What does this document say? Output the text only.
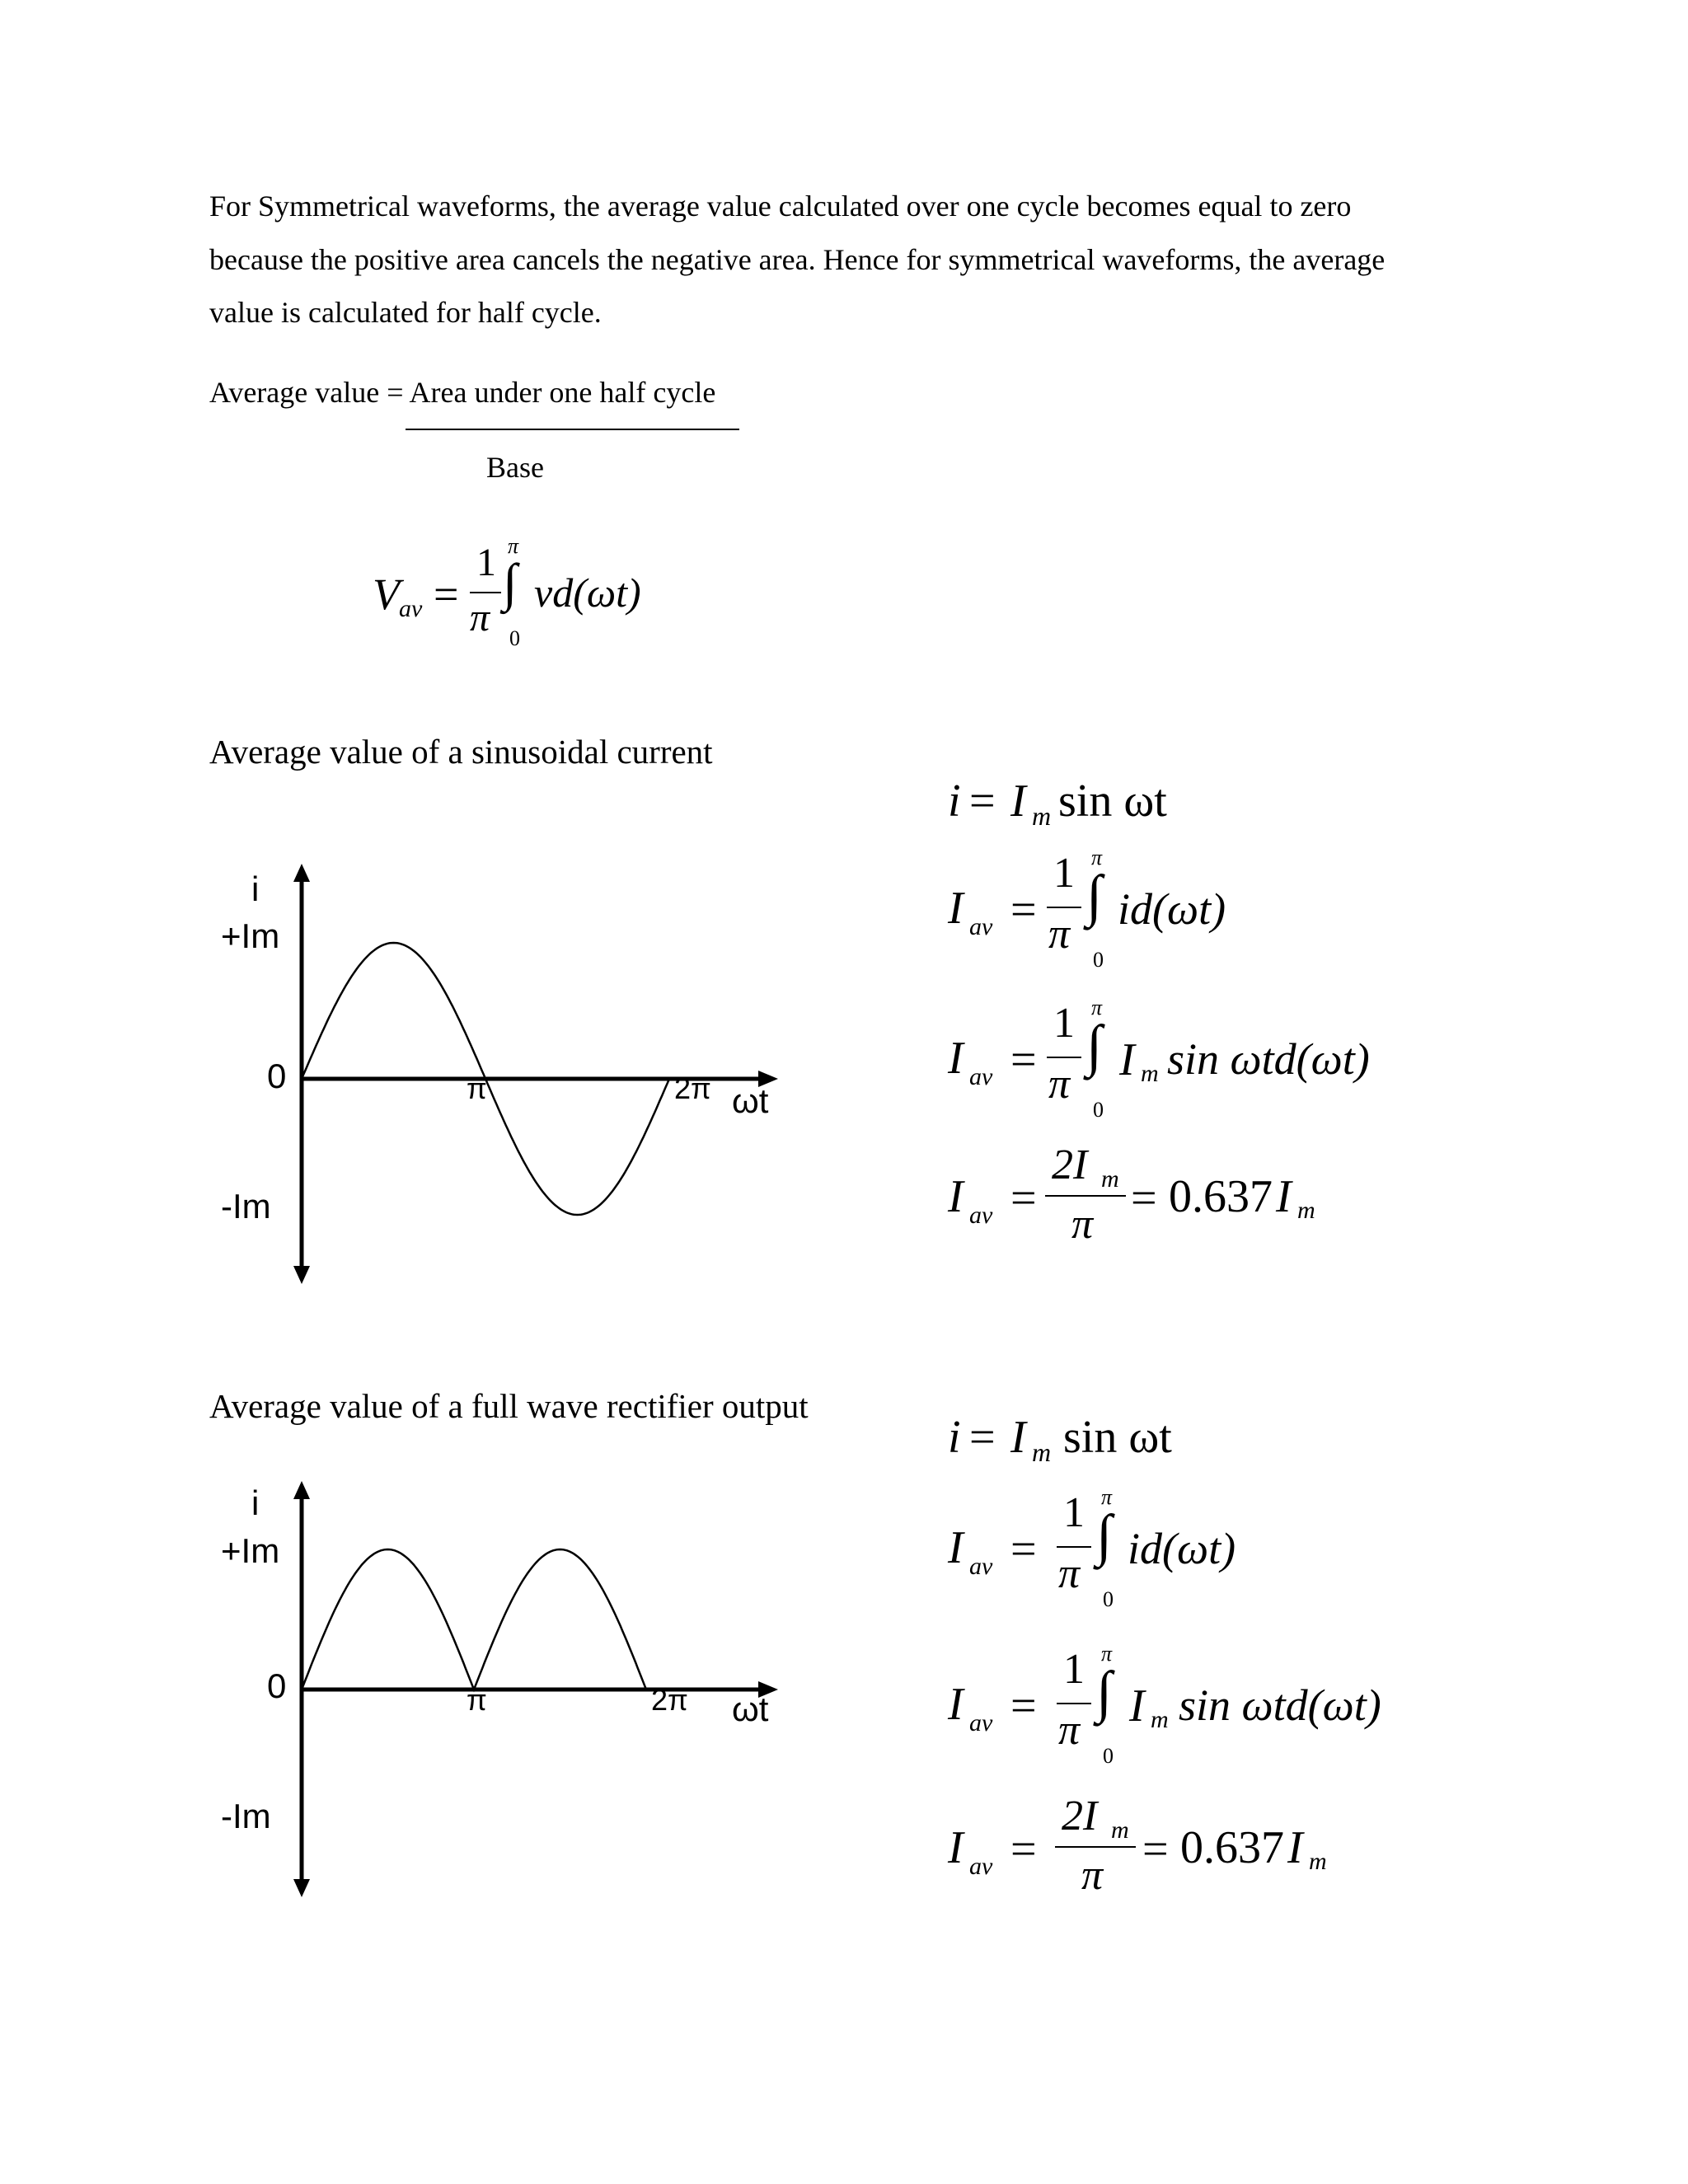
For Symmetrical waveforms, the average value calculated over one cycle becomes equal to zero
because the positive area cancels the negative area. Hence for symmetrical waveforms, the average
value is calculated for half cycle.
Average value = Area under one half cycle
Base
V av =
1
π
π
∫
0
vd(ωt)
Average value of a sinusoidal current
i
+Im
0
-Im
π	2π ωt
i = I m sin ωt
I av =
1
π
π
∫
0
id(ωt)
I av =
1
π
π
∫
0
I m sin ωtd(ωt)
I av =
2I m
π
= 0.637 I m
Average value of a full wave rectifier output
i
+Im
0
-Im
π	2π ωt
i = I m sin ωt
I av =
1
π
π
∫
0
id(ωt)
I av =
1
π
π
∫
0
I m sin ωtd(ωt)
I av =
2I m
π
= 0.637 I m
